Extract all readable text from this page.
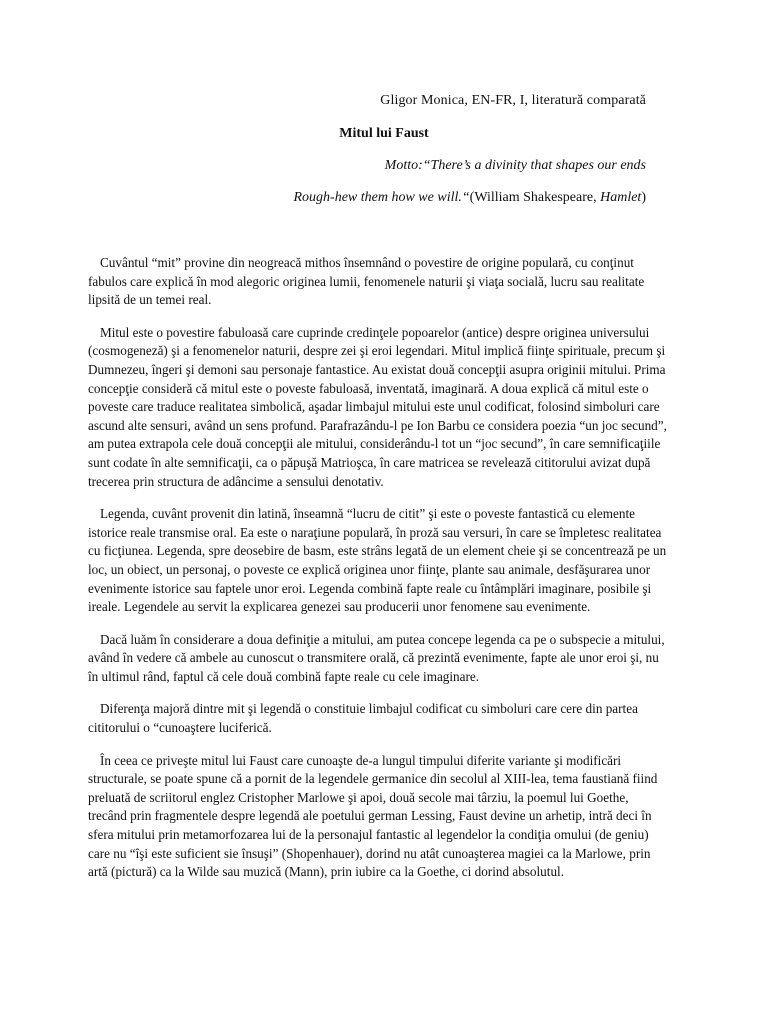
Gligor Monica, EN-FR, I, literatură comparată
Mitul lui Faust
Motto:“There’s a divinity that shapes our ends
Rough-hew them how we will.“(William Shakespeare, Hamlet)

Cuvântul “mit” provine din neogreacă mithos însemnând o povestire de origine populară, cu conţinut fabulos care explică în mod alegoric originea lumii, fenomenele naturii şi viaţa socială, lucru sau realitate lipsită de un temei real.

Mitul este o povestire fabuloasă care cuprinde credinţele popoarelor (antice) despre originea universului (cosmogeneză) şi a fenomenelor naturii, despre zei şi eroi legendari. Mitul implică fiinţe spirituale, precum şi Dumnezeu, îngeri şi demoni sau personaje fantastice. Au existat două concepţii asupra originii mitului. Prima concepţie consideră că mitul este o poveste fabuloasă, inventată, imaginară. A doua explică că mitul este o poveste care traduce realitatea simbolică, aşadar limbajul mitului este unul codificat, folosind simboluri care ascund alte sensuri, având un sens profund. Parafrazându-l pe Ion Barbu ce considera poezia “un joc secund”, am putea extrapola cele două concepţii ale mitului, considerându-l tot un “joc secund”, în care semnificaţiile sunt codate în alte semnificaţii, ca o păpuşă Matrioşca, în care matricea se revelează cititorului avizat după trecerea prin structura de adâncime a sensului denotativ.

Legenda, cuvânt provenit din latină, înseamnă “lucru de citit” şi este o poveste fantastică cu elemente istorice reale transmise oral. Ea este o naraţiune populară, în proză sau versuri, în care se împletesc realitatea cu ficţiunea. Legenda, spre deosebire de basm, este strâns legată de un element cheie şi se concentrează pe un loc, un obiect, un personaj, o poveste ce explică originea unor fiinţe, plante sau animale, desfăşurarea unor evenimente istorice sau faptele unor eroi. Legenda combină fapte reale cu întâmplări imaginare, posibile şi ireale. Legendele au servit la explicarea genezei sau producerii unor fenomene sau evenimente.

Dacă luăm în considerare a doua definiţie a mitului, am putea concepe legenda ca pe o subspecie a mitului, având în vedere că ambele au cunoscut o transmitere orală, că prezintă evenimente, fapte ale unor eroi şi, nu în ultimul rând, faptul că cele două combină fapte reale cu cele imaginare.

Diferenţa majoră dintre mit şi legendă o constituie limbajul codificat cu simboluri care cere din partea cititorului o “cunoaştere luciferică.

În ceea ce priveşte mitul lui Faust care cunoaşte de-a lungul timpului diferite variante şi modificări structurale, se poate spune că a pornit de la legendele germanice din secolul al XIII-lea, tema faustiană fiind preluată de scriitorul englez Cristopher Marlowe şi apoi, două secole mai târziu, la poemul lui Goethe, trecând prin fragmentele despre legendă ale poetului german Lessing, Faust devine un arhetip, intră deci în sfera mitului prin metamorfozarea lui de la personajul fantastic al legendelor la condiţia omului (de geniu) care nu “îşi este suficient sie însuşi” (Shopenhauer), dorind nu atât cunoaşterea magiei ca la Marlowe, prin artă (pictură) ca la Wilde sau muzică (Mann), prin iubire ca la Goethe, ci dorind absolutul.
